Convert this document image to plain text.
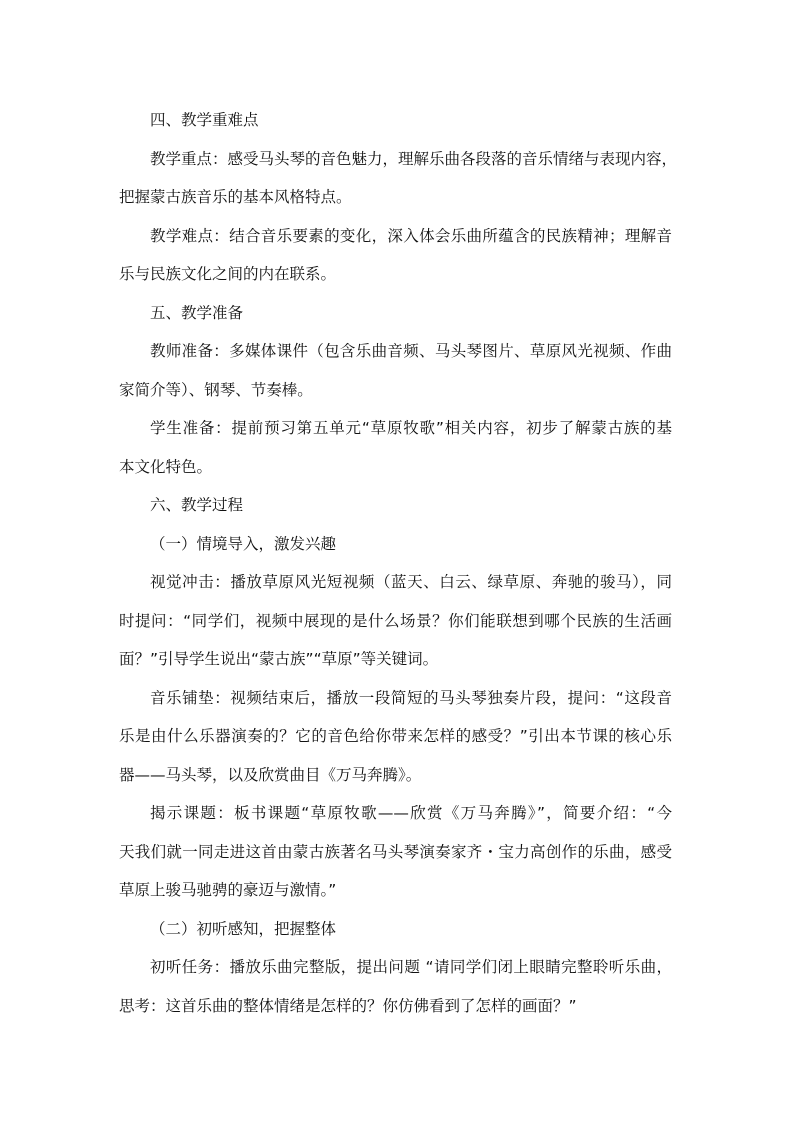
四、教学重难点
教学重点：感受马头琴的音色魅力，理解乐曲各段落的音乐情绪与表现内容，
把握蒙古族音乐的基本风格特点。
教学难点：结合音乐要素的变化，深入体会乐曲所蕴含的民族精神；理解音
乐与民族文化之间的内在联系。
五、教学准备
教师准备：多媒体课件（包含乐曲音频、马头琴图片、草原风光视频、作曲
家简介等）、钢琴、节奏棒。
学生准备：提前预习第五单元“草原牧歌”相关内容，初步了解蒙古族的基
本文化特色。
六、教学过程
（一）情境导入，激发兴趣
视觉冲击：播放草原风光短视频（蓝天、白云、绿草原、奔驰的骏马），同
时提问：“同学们，视频中展现的是什么场景？你们能联想到哪个民族的生活画
面？”引导学生说出“蒙古族”“草原”等关键词。
音乐铺垫：视频结束后，播放一段简短的马头琴独奏片段，提问：“这段音
乐是由什么乐器演奏的？它的音色给你带来怎样的感受？”引出本节课的核心乐
器——马头琴，以及欣赏曲目《万马奔腾》。
揭示课题：板书课题“草原牧歌——欣赏《万马奔腾》”，简要介绍：“今
天我们就一同走进这首由蒙古族著名马头琴演奏家齐・宝力高创作的乐曲，感受
草原上骏马驰骋的豪迈与激情。”
（二）初听感知，把握整体
初听任务：播放乐曲完整版，提出问题 “请同学们闭上眼睛完整聆听乐曲，
思考：这首乐曲的整体情绪是怎样的？你仿佛看到了怎样的画面？”
